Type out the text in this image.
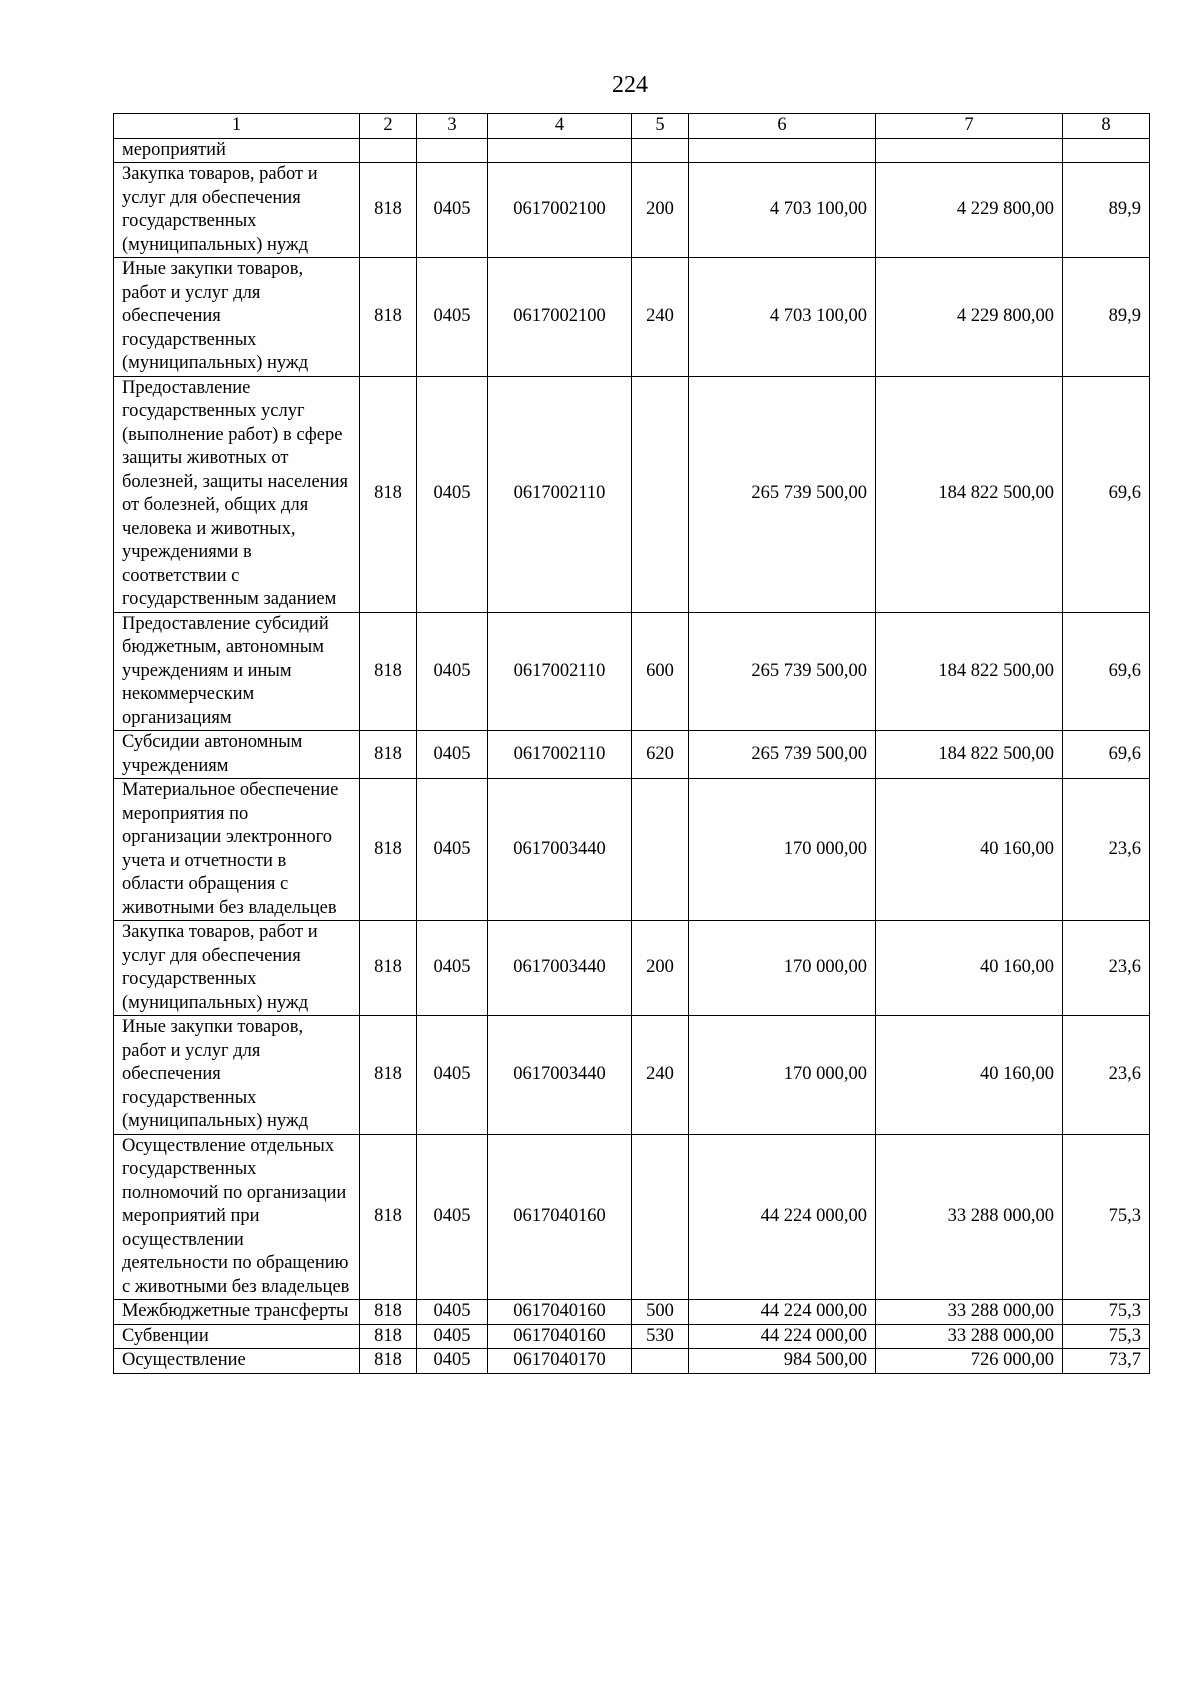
224
1	2	3	4	5	6	7	8
мероприятий							
Закупка товаров, работ и услуг для обеспечения государственных (муниципальных) нужд	818	0405	0617002100	200	4 703 100,00	4 229 800,00	89,9
Иные закупки товаров, работ и услуг для обеспечения государственных (муниципальных) нужд	818	0405	0617002100	240	4 703 100,00	4 229 800,00	89,9
Предоставление государственных услуг (выполнение работ) в сфере защиты животных от болезней, защиты населения от болезней, общих для человека и животных, учреждениями в соответствии с государственным заданием	818	0405	0617002110		265 739 500,00	184 822 500,00	69,6
Предоставление субсидий бюджетным, автономным учреждениям и иным некоммерческим организациям	818	0405	0617002110	600	265 739 500,00	184 822 500,00	69,6
Субсидии автономным учреждениям	818	0405	0617002110	620	265 739 500,00	184 822 500,00	69,6
Материальное обеспечение мероприятия по организации электронного учета и отчетности в области обращения с животными без владельцев	818	0405	0617003440		170 000,00	40 160,00	23,6
Закупка товаров, работ и услуг для обеспечения государственных (муниципальных) нужд	818	0405	0617003440	200	170 000,00	40 160,00	23,6
Иные закупки товаров, работ и услуг для обеспечения государственных (муниципальных) нужд	818	0405	0617003440	240	170 000,00	40 160,00	23,6
Осуществление отдельных государственных полномочий по организации мероприятий при осуществлении деятельности по обращению с животными без владельцев	818	0405	0617040160		44 224 000,00	33 288 000,00	75,3
Межбюджетные трансферты	818	0405	0617040160	500	44 224 000,00	33 288 000,00	75,3
Субвенции	818	0405	0617040160	530	44 224 000,00	33 288 000,00	75,3
Осуществление	818	0405	0617040170		984 500,00	726 000,00	73,7
